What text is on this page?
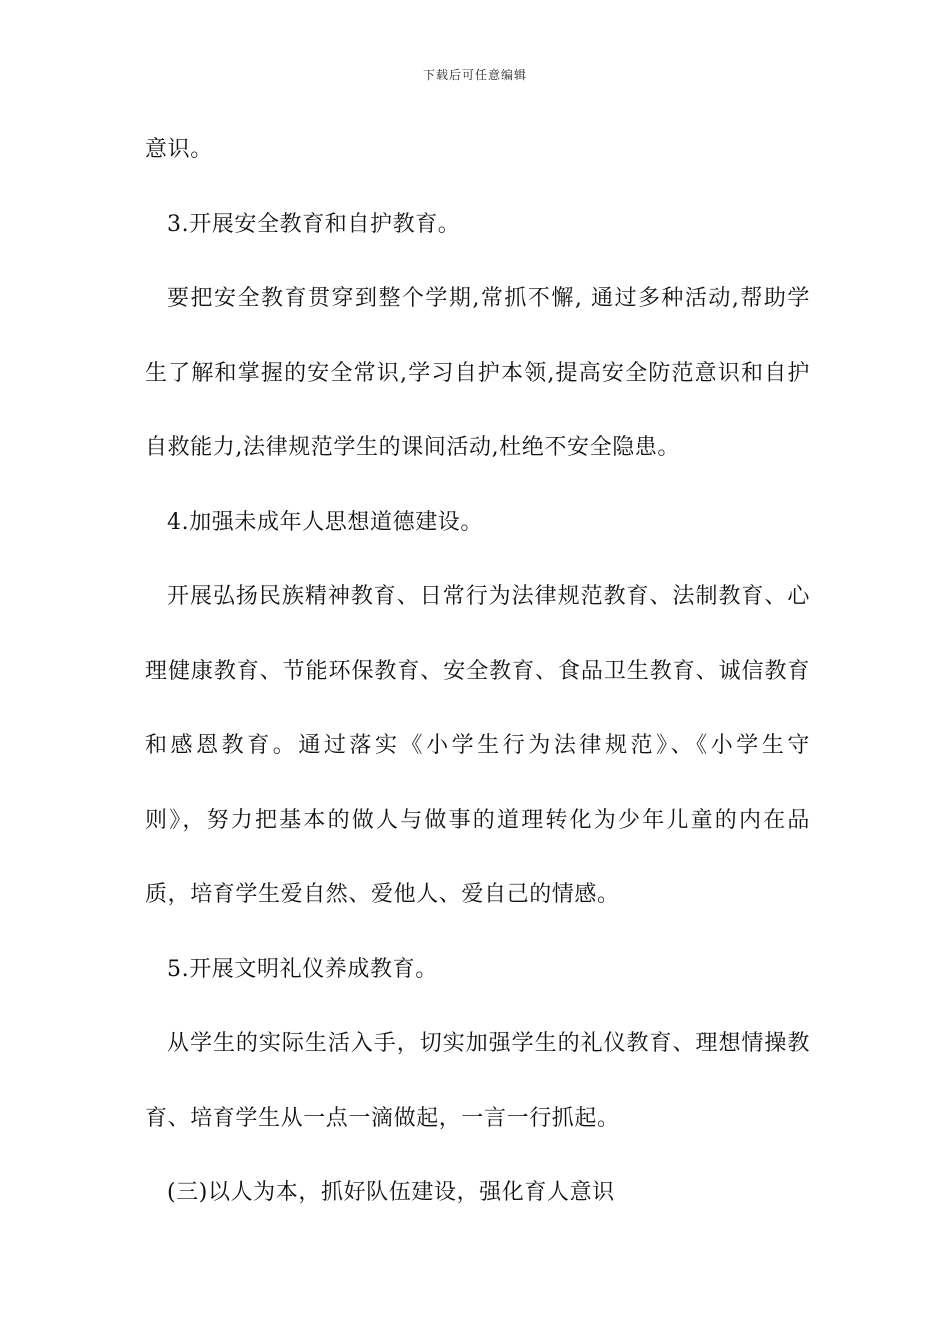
下载后可任意编辑
意识。
3.开展安全教育和自护教育。
要把安全教育贯穿到整个学期,常抓不懈, 通过多种活动,帮助学
生了解和掌握的安全常识,学习自护本领,提高安全防范意识和自护
自救能力,法律规范学生的课间活动,杜绝不安全隐患。
4.加强未成年人思想道德建设。
开展弘扬民族精神教育、日常行为法律规范教育、法制教育、心
理健康教育、节能环保教育、安全教育、食品卫生教育、诚信教育
和感恩教育。通过落实《小学生行为法律规范》、《小学生守
则》，努力把基本的做人与做事的道理转化为少年儿童的内在品
质，培育学生爱自然、爱他人、爱自己的情感。
5.开展文明礼仪养成教育。
从学生的实际生活入手，切实加强学生的礼仪教育、理想情操教
育、培育学生从一点一滴做起，一言一行抓起。
(三)以人为本，抓好队伍建设，强化育人意识
